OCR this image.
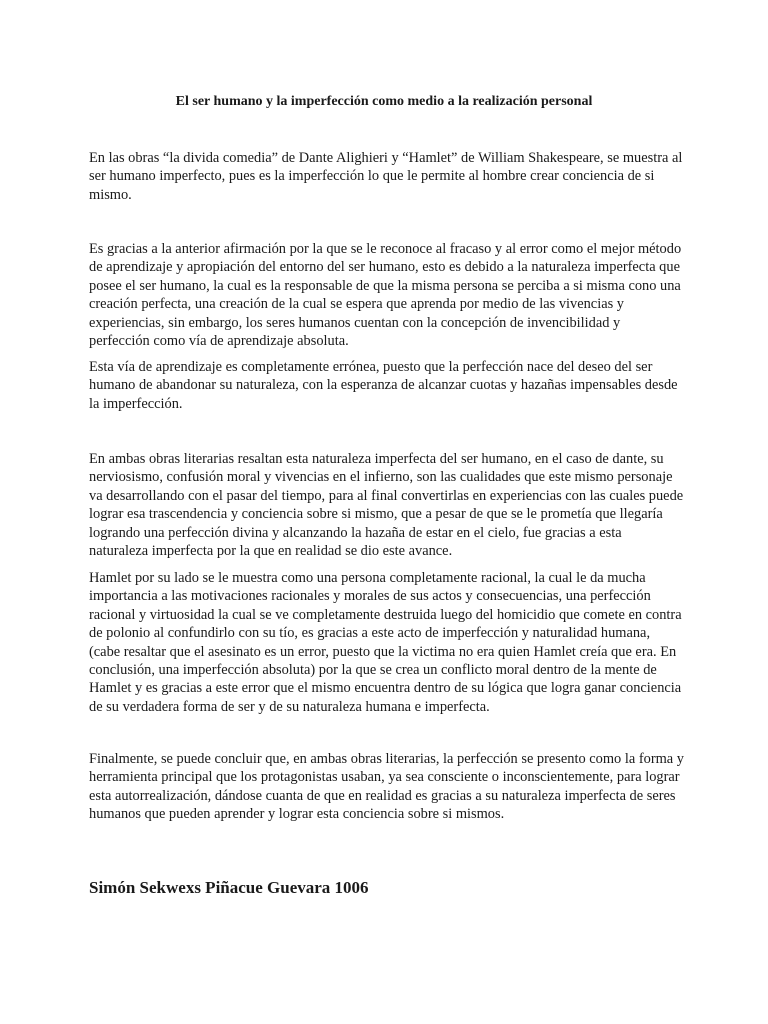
El ser humano y la imperfección como medio a la realización personal

En las obras “la divida comedia” de Dante Alighieri y “Hamlet” de William Shakespeare, se muestra al ser humano imperfecto, pues es la imperfección lo que le permite al hombre crear conciencia de si mismo.

Es gracias a la anterior afirmación por la que se le reconoce al fracaso y al error como el mejor método de aprendizaje y apropiación del entorno del ser humano, esto es debido a la naturaleza imperfecta que posee el ser humano, la cual es la responsable de que la misma persona se perciba a si misma cono una creación perfecta, una creación de la cual se espera que aprenda por medio de las vivencias y experiencias, sin embargo, los seres humanos cuentan con la concepción de invencibilidad y perfección como vía de aprendizaje absoluta.

Esta vía de aprendizaje es completamente errónea, puesto que la perfección nace del deseo del ser humano de abandonar su naturaleza, con la esperanza de alcanzar cuotas y hazañas impensables desde la imperfección.

En ambas obras literarias resaltan esta naturaleza imperfecta del ser humano, en el caso de dante, su nerviosismo, confusión moral y vivencias en el infierno, son las cualidades que este mismo personaje va desarrollando con el pasar del tiempo, para al final convertirlas en experiencias con las cuales puede lograr esa trascendencia y conciencia sobre si mismo, que a pesar de que se le prometía que llegaría logrando una perfección divina y alcanzando la hazaña de estar en el cielo, fue gracias a esta naturaleza imperfecta por la que en realidad se dio este avance.

Hamlet por su lado se le muestra como una persona completamente racional, la cual le da mucha importancia a las motivaciones racionales y morales de sus actos y consecuencias, una perfección racional y virtuosidad la cual se ve completamente destruida luego del homicidio que comete en contra de polonio al confundirlo con su tío, es gracias a este acto de imperfección y naturalidad humana, (cabe resaltar que el asesinato es un error, puesto que la victima no era quien Hamlet creía que era. En conclusión, una imperfección absoluta) por la que se crea un conflicto moral dentro de la mente de Hamlet y es gracias a este error que el mismo encuentra dentro de su lógica que logra ganar conciencia de su verdadera forma de ser y de su naturaleza humana e imperfecta.

Finalmente, se puede concluir que, en ambas obras literarias, la perfección se presento como la forma y herramienta principal que los protagonistas usaban, ya sea consciente o inconscientemente, para lograr esta autorrealización, dándose cuanta de que en realidad es gracias a su naturaleza imperfecta de seres humanos que pueden aprender y lograr esta conciencia sobre si mismos.

Simón Sekwexs Piñacue Guevara 1006
